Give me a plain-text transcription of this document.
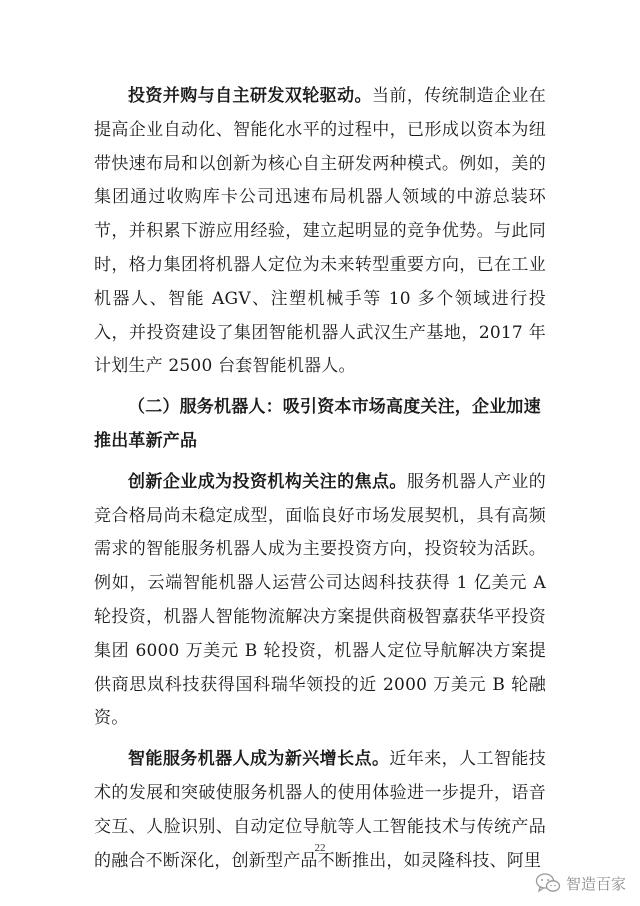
投资并购与自主研发双轮驱动。当前，传统制造企业在提高企业自动化、智能化水平的过程中，已形成以资本为纽带快速布局和以创新为核心自主研发两种模式。例如，美的集团通过收购库卡公司迅速布局机器人领域的中游总装环节，并积累下游应用经验，建立起明显的竞争优势。与此同时，格力集团将机器人定位为未来转型重要方向，已在工业机器人、智能 AGV、注塑机械手等 10 多个领域进行投入，并投资建设了集团智能机器人武汉生产基地，2017 年计划生产 2500 台套智能机器人。

（二）服务机器人：吸引资本市场高度关注，企业加速推出革新产品

创新企业成为投资机构关注的焦点。服务机器人产业的竞合格局尚未稳定成型，面临良好市场发展契机，具有高频需求的智能服务机器人成为主要投资方向，投资较为活跃。例如，云端智能机器人运营公司达闼科技获得 1 亿美元 A 轮投资，机器人智能物流解决方案提供商极智嘉获华平投资集团 6000 万美元 B 轮投资，机器人定位导航解决方案提供商思岚科技获得国科瑞华领投的近 2000 万美元 B 轮融资。

智能服务机器人成为新兴增长点。近年来，人工智能技术的发展和突破使服务机器人的使用体验进一步提升，语音交互、人脸识别、自动定位导航等人工智能技术与传统产品的融合不断深化，创新型产品不断推出，如灵隆科技、阿里

22
智造百家
